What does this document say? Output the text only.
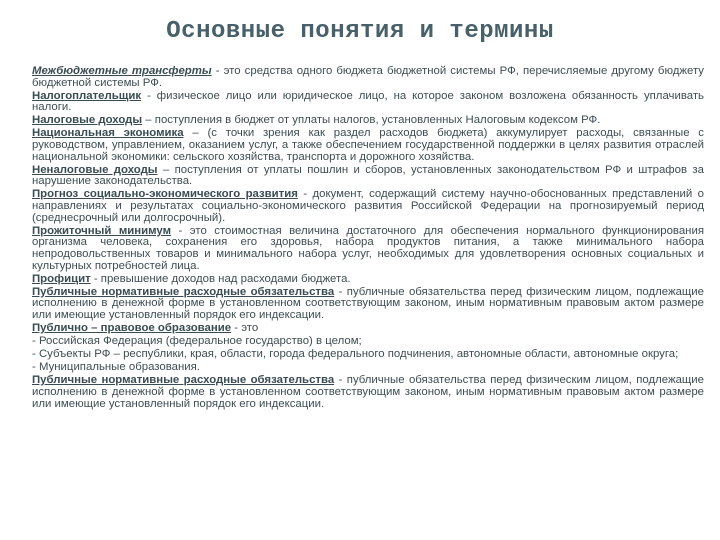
Основные понятия и термины

Межбюджетные трансферты - это средства одного бюджета бюджетной системы РФ, перечисляемые другому бюджету бюджетной системы РФ.

Налогоплательщик - физическое лицо или юридическое лицо, на которое законом возложена обязанность уплачивать налоги.

Налоговые доходы – поступления в бюджет от уплаты налогов, установленных Налоговым кодексом РФ.

Национальная экономика – (с точки зрения как раздел расходов бюджета) аккумулирует расходы, связанные с руководством, управлением, оказанием услуг, а также обеспечением государственной поддержки в целях развития отраслей национальной экономики: сельского хозяйства, транспорта и дорожного хозяйства.

Неналоговые доходы – поступления от уплаты пошлин и сборов, установленных законодательством РФ и штрафов за нарушение законодательства.

Прогноз социально-экономического развития - документ, содержащий систему научно-обоснованных представлений о направлениях и результатах социально-экономического развития Российской Федерации на прогнозируемый период (среднесрочный или долгосрочный).

Прожиточный минимум - это стоимостная величина достаточного для обеспечения нормального функционирования организма человека, сохранения его здоровья, набора продуктов питания, а также минимального набора непродовольственных товаров и минимального набора услуг, необходимых для удовлетворения основных социальных и культурных потребностей лица.

Профицит - превышение доходов над расходами бюджета.

Публичные нормативные расходные обязательства - публичные обязательства перед физическим лицом, подлежащие исполнению в денежной форме в установленном соответствующим законом, иным нормативным правовым актом размере или имеющие установленный порядок его индексации.

Публично – правовое образование - это

- Российская Федерация (федеральное государство) в целом;

- Субъекты РФ – республики, края, области, города федерального подчинения, автономные области, автономные округа;

- Муниципальные образования.

Публичные нормативные расходные обязательства - публичные обязательства перед физическим лицом, подлежащие исполнению в денежной форме в установленном соответствующим законом, иным нормативным правовым актом размере или имеющие установленный порядок его индексации.
